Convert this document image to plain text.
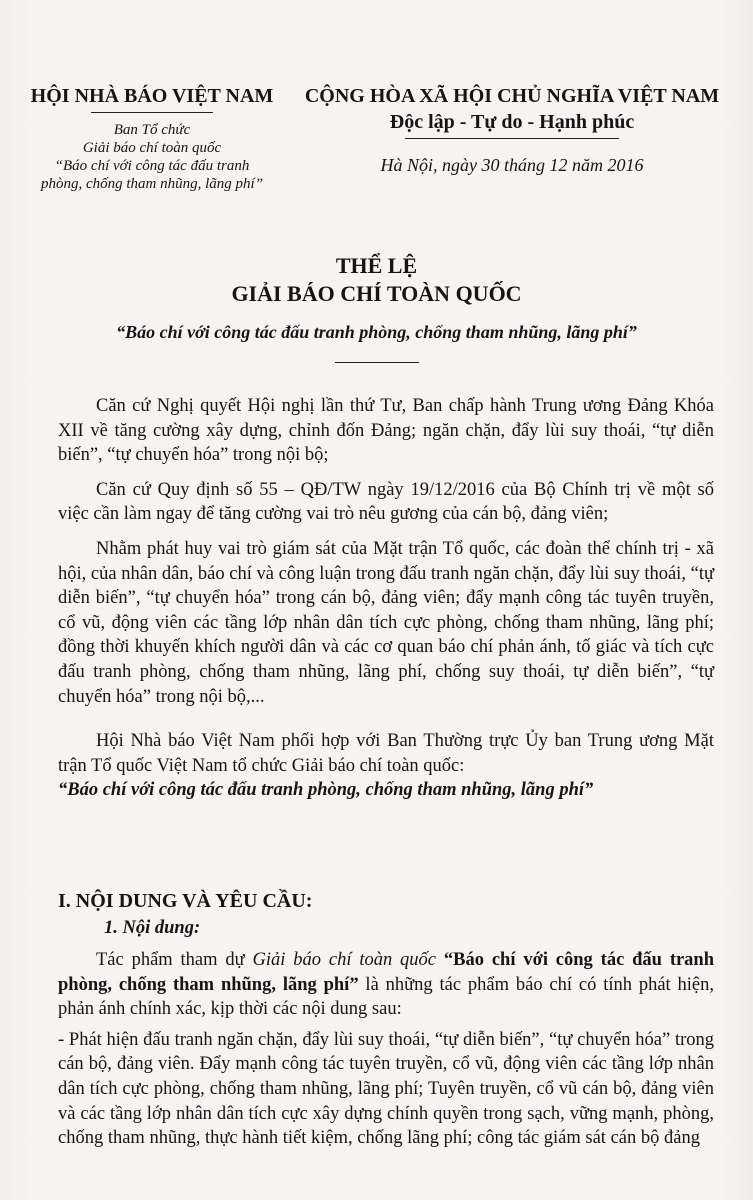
HỘI NHÀ BÁO VIỆT NAM
Ban Tổ chức
Giải báo chí toàn quốc
“Báo chí với công tác đấu tranh
phòng, chống tham nhũng, lãng phí”
CỘNG HÒA XÃ HỘI CHỦ NGHĨA VIỆT NAM
Độc lập - Tự do - Hạnh phúc
Hà Nội, ngày 30 tháng 12 năm 2016
THỂ LỆ
GIẢI BÁO CHÍ TOÀN QUỐC
“Báo chí với công tác đấu tranh phòng, chống tham nhũng, lãng phí”

Căn cứ Nghị quyết Hội nghị lần thứ Tư, Ban chấp hành Trung ương Đảng Khóa XII về tăng cường xây dựng, chỉnh đốn Đảng; ngăn chặn, đẩy lùi suy thoái, “tự diễn biến”, “tự chuyển hóa” trong nội bộ;

Căn cứ Quy định số 55 – QĐ/TW ngày 19/12/2016 của Bộ Chính trị về một số việc cần làm ngay để tăng cường vai trò nêu gương của cán bộ, đảng viên;

Nhằm phát huy vai trò giám sát của Mặt trận Tổ quốc, các đoàn thể chính trị - xã hội, của nhân dân, báo chí và công luận trong đấu tranh ngăn chặn, đẩy lùi suy thoái, “tự diễn biến”, “tự chuyển hóa” trong cán bộ, đảng viên; đẩy mạnh công tác tuyên truyền, cổ vũ, động viên các tầng lớp nhân dân tích cực phòng, chống tham nhũng, lãng phí; đồng thời khuyến khích người dân và các cơ quan báo chí phản ánh, tố giác và tích cực đấu tranh phòng, chống tham nhũng, lãng phí, chống suy thoái, tự diễn biến”, “tự chuyển hóa” trong nội bộ,...

Hội Nhà báo Việt Nam phối hợp với Ban Thường trực Ủy ban Trung ương Mặt trận Tổ quốc Việt Nam tổ chức Giải báo chí toàn quốc:

“Báo chí với công tác đấu tranh phòng, chống tham nhũng, lãng phí”

I. NỘI DUNG VÀ YÊU CẦU:
1. Nội dung:

Tác phẩm tham dự Giải báo chí toàn quốc “Báo chí với công tác đấu tranh phòng, chống tham nhũng, lãng phí” là những tác phẩm báo chí có tính phát hiện, phản ánh chính xác, kịp thời các nội dung sau:

- Phát hiện đấu tranh ngăn chặn, đẩy lùi suy thoái, “tự diễn biến”, “tự chuyển hóa” trong cán bộ, đảng viên. Đẩy mạnh công tác tuyên truyền, cổ vũ, động viên các tầng lớp nhân dân tích cực phòng, chống tham nhũng, lãng phí; Tuyên truyền, cổ vũ cán bộ, đảng viên và các tầng lớp nhân dân tích cực xây dựng chính quyền trong sạch, vững mạnh, phòng, chống tham nhũng, thực hành tiết kiệm, chống lãng phí; công tác giám sát cán bộ đảng
